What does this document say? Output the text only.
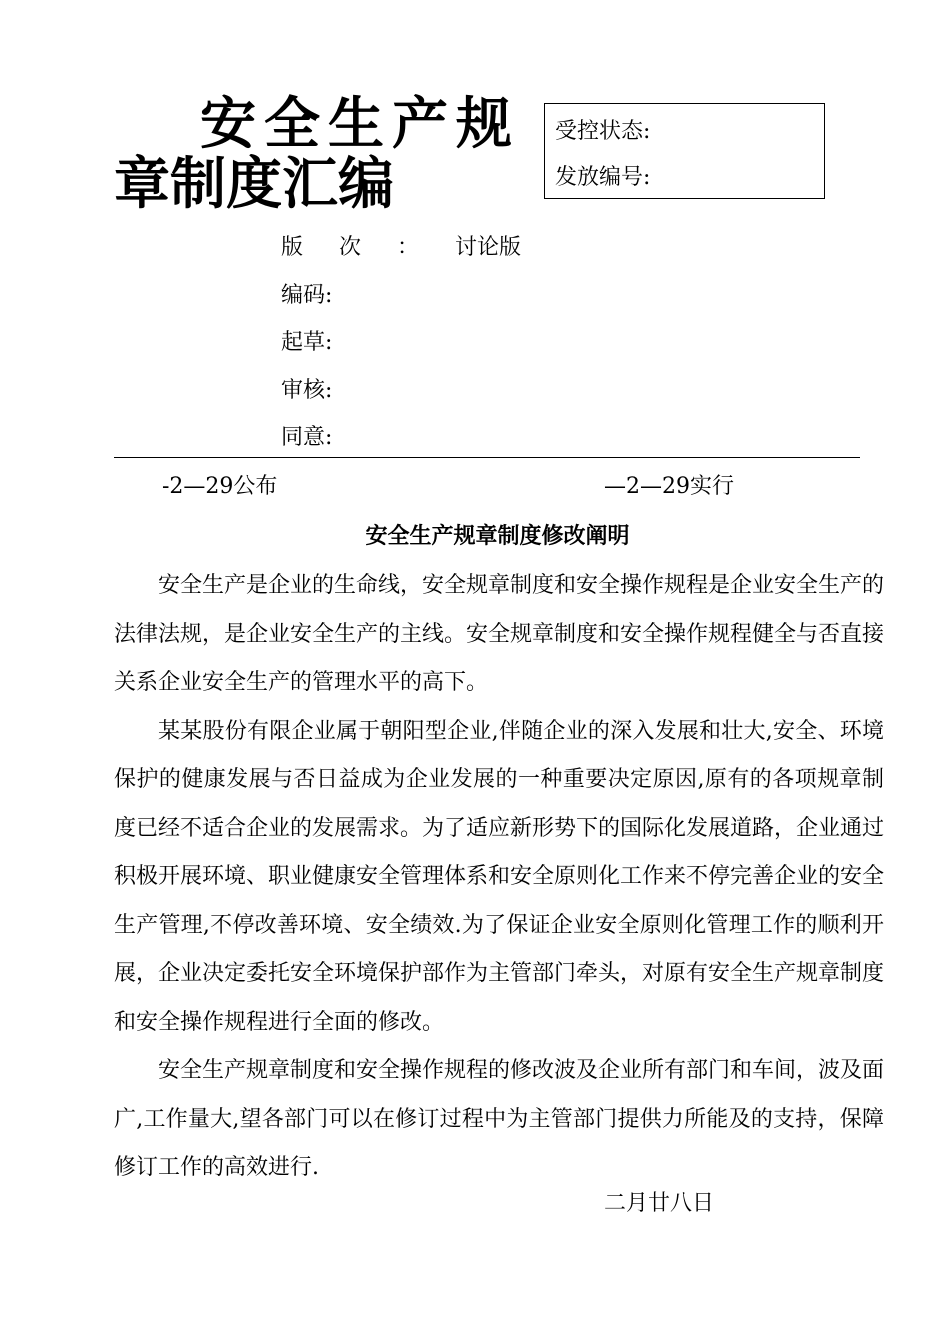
安全生产规
章制度汇编
受控状态:
发放编号:
版次： 讨论版
编码:
起草:
审核:
同意:
-2—29公布	—2—29实行
安全生产规章制度修改阐明

安全生产是企业的生命线，安全规章制度和安全操作规程是企业安全生产的法律法规，是企业安全生产的主线。安全规章制度和安全操作规程健全与否直接关系企业安全生产的管理水平的高下。

某某股份有限企业属于朝阳型企业,伴随企业的深入发展和壮大,安全、环境保护的健康发展与否日益成为企业发展的一种重要决定原因,原有的各项规章制度已经不适合企业的发展需求。为了适应新形势下的国际化发展道路，企业通过积极开展环境、职业健康安全管理体系和安全原则化工作来不停完善企业的安全生产管理,不停改善环境、安全绩效.为了保证企业安全原则化管理工作的顺利开展，企业决定委托安全环境保护部作为主管部门牵头，对原有安全生产规章制度和安全操作规程进行全面的修改。

安全生产规章制度和安全操作规程的修改波及企业所有部门和车间，波及面广,工作量大,望各部门可以在修订过程中为主管部门提供力所能及的支持，保障修订工作的高效进行.

二月廿八日
